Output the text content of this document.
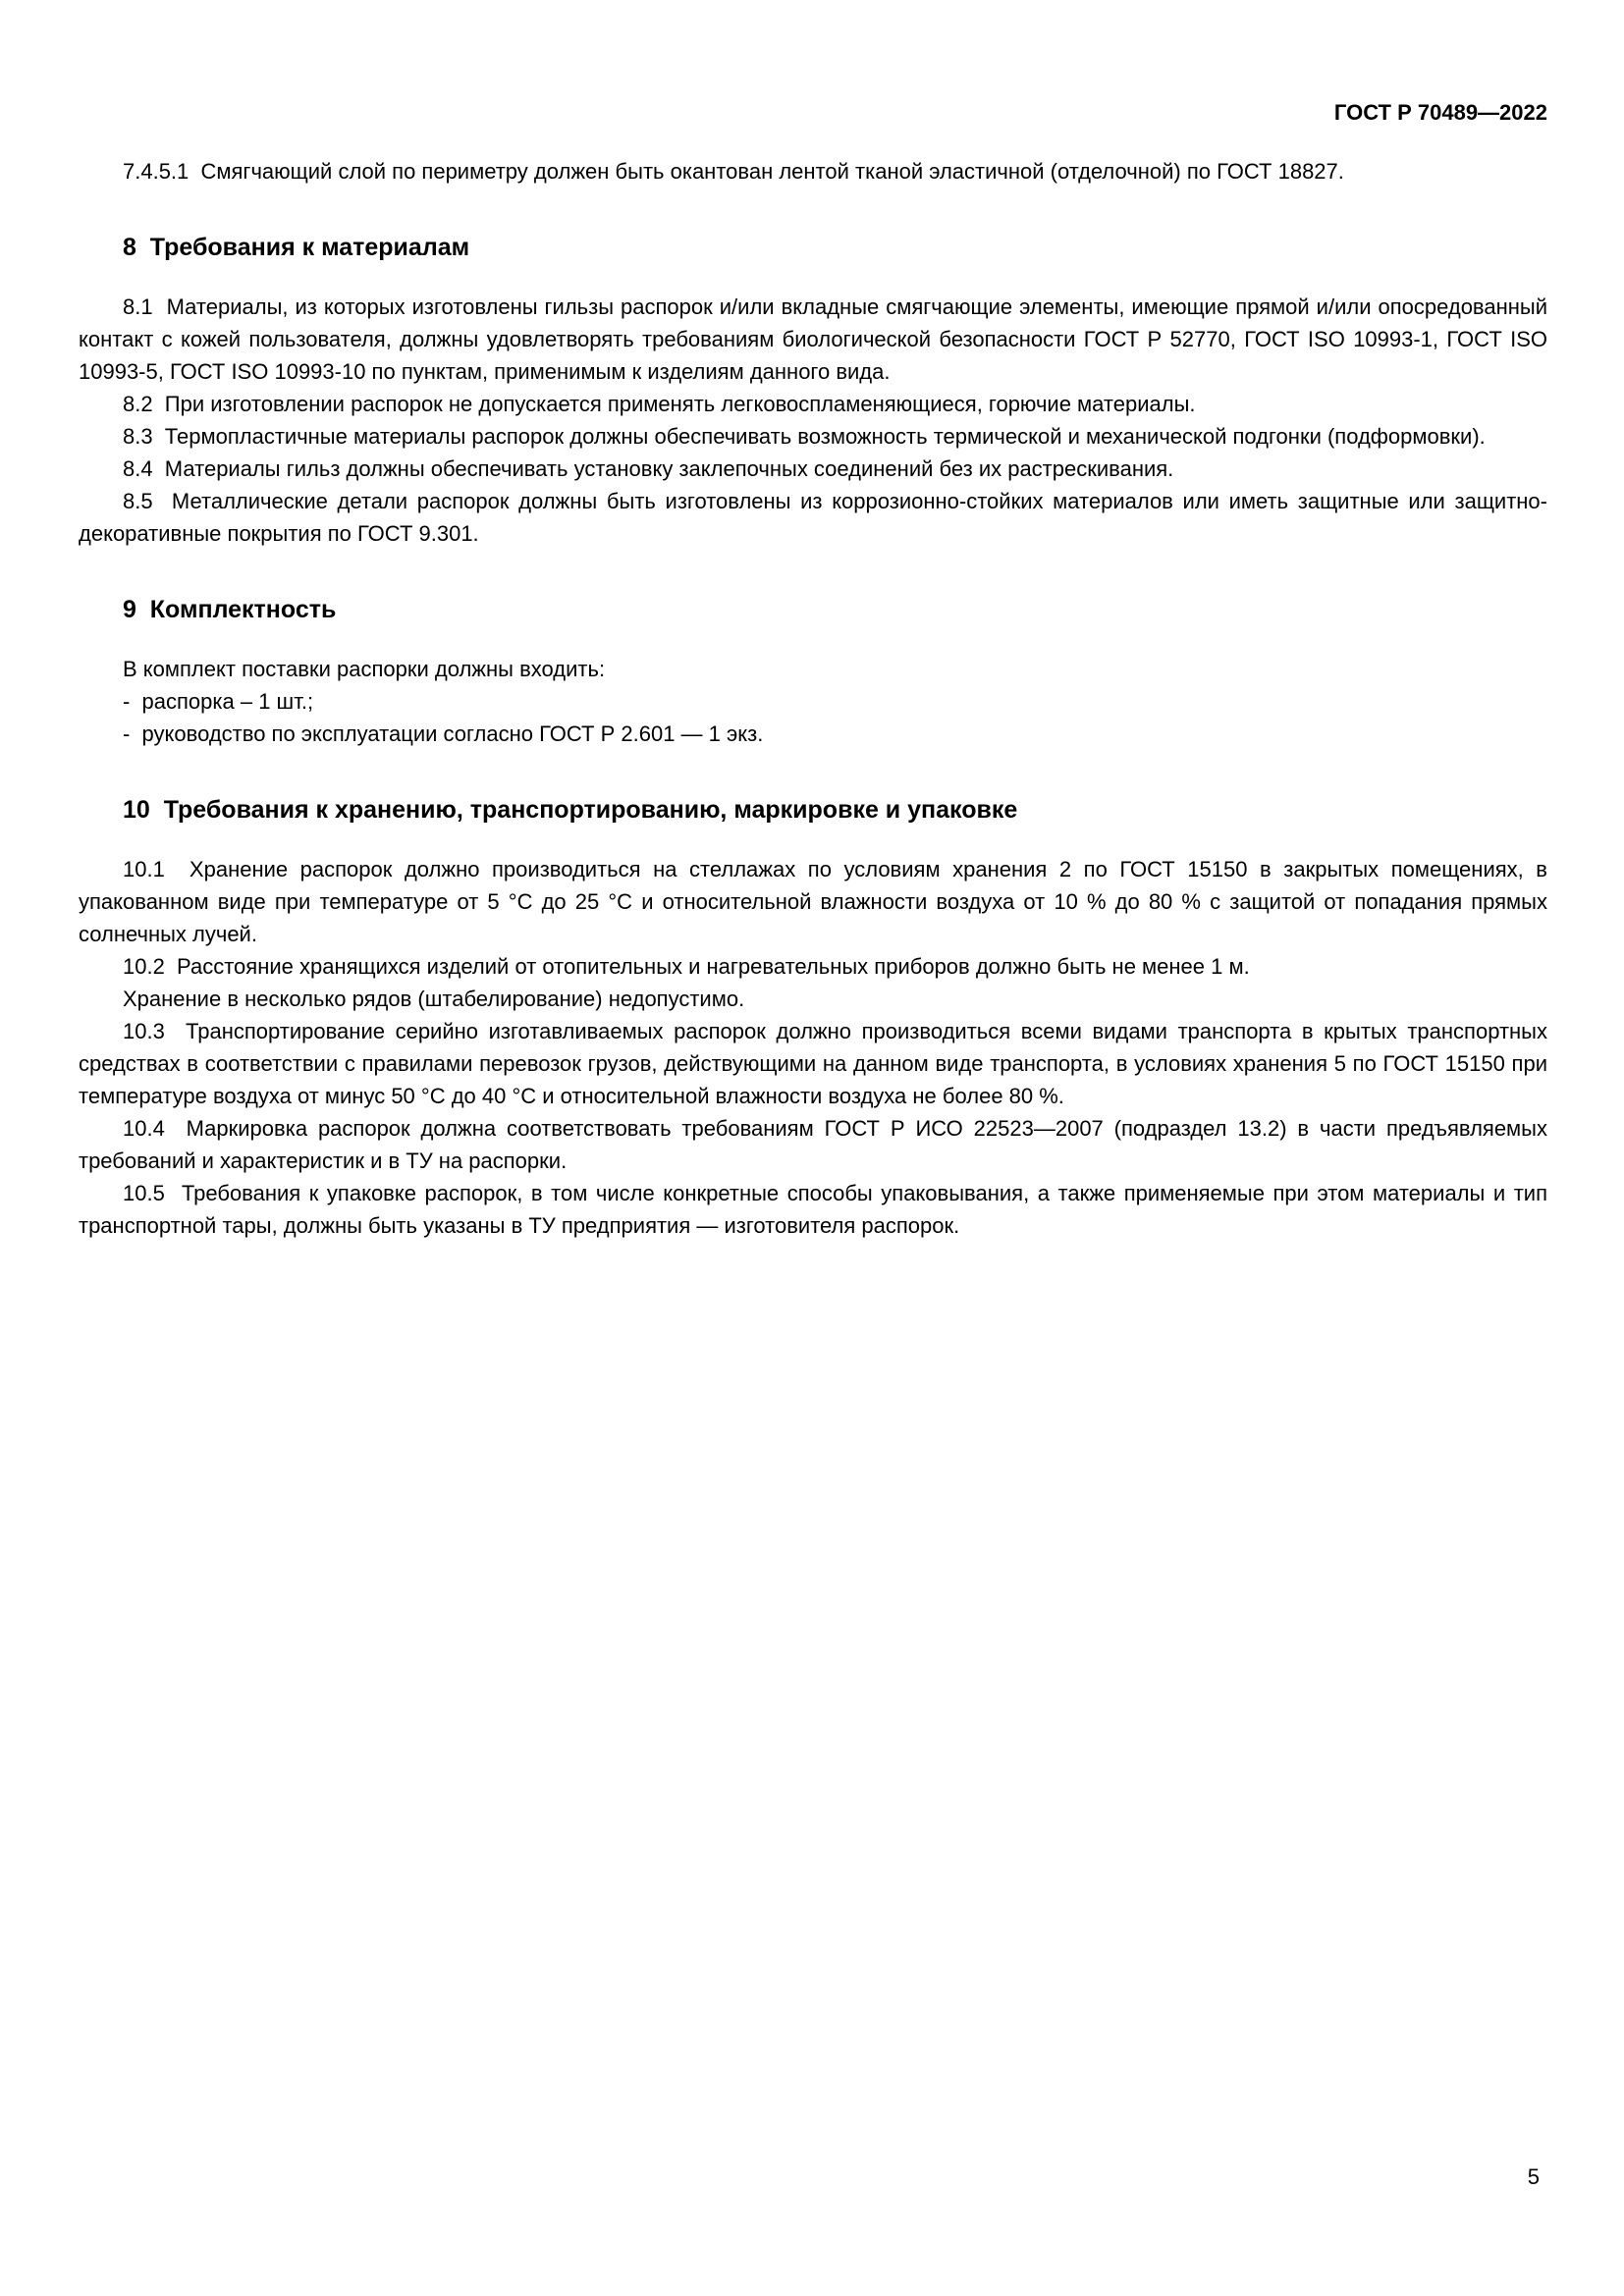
ГОСТ Р 70489—2022

7.4.5.1  Смягчающий слой по периметру должен быть окантован лентой тканой эластичной (отделочной) по ГОСТ 18827.

8  Требования к материалам

8.1  Материалы, из которых изготовлены гильзы распорок и/или вкладные смягчающие элементы, имеющие прямой и/или опосредованный контакт с кожей пользователя, должны удовлетворять требованиям биологической безопасности ГОСТ Р 52770, ГОСТ ISO 10993-1, ГОСТ ISO 10993-5, ГОСТ ISO 10993-10 по пунктам, применимым к изделиям данного вида.

8.2  При изготовлении распорок не допускается применять легковоспламеняющиеся, горючие материалы.

8.3  Термопластичные материалы распорок должны обеспечивать возможность термической и механической подгонки (подформовки).

8.4  Материалы гильз должны обеспечивать установку заклепочных соединений без их растрескивания.

8.5  Металлические детали распорок должны быть изготовлены из коррозионно-стойких материалов или иметь защитные или защитно-декоративные покрытия по ГОСТ 9.301.

9  Комплектность

В комплект поставки распорки должны входить:

-  распорка – 1 шт.;

-  руководство по эксплуатации согласно ГОСТ Р 2.601 — 1 экз.

10  Требования к хранению, транспортированию, маркировке и упаковке

10.1  Хранение распорок должно производиться на стеллажах по условиям хранения 2 по ГОСТ 15150 в закрытых помещениях, в упакованном виде при температуре от 5 °С до 25 °С и относительной влажности воздуха от 10 % до 80 % с защитой от попадания прямых солнечных лучей.

10.2  Расстояние хранящихся изделий от отопительных и нагревательных приборов должно быть не менее 1 м.

Хранение в несколько рядов (штабелирование) недопустимо.

10.3  Транспортирование серийно изготавливаемых распорок должно производиться всеми видами транспорта в крытых транспортных средствах в соответствии с правилами перевозок грузов, действующими на данном виде транспорта, в условиях хранения 5 по ГОСТ 15150 при температуре воздуха от минус 50 °С до 40 °С и относительной влажности воздуха не более 80 %.

10.4  Маркировка распорок должна соответствовать требованиям ГОСТ Р ИСО 22523—2007 (подраздел 13.2) в части предъявляемых требований и характеристик и в ТУ на распорки.

10.5  Требования к упаковке распорок, в том числе конкретные способы упаковывания, а также применяемые при этом материалы и тип транспортной тары, должны быть указаны в ТУ предприятия — изготовителя распорок.

5
